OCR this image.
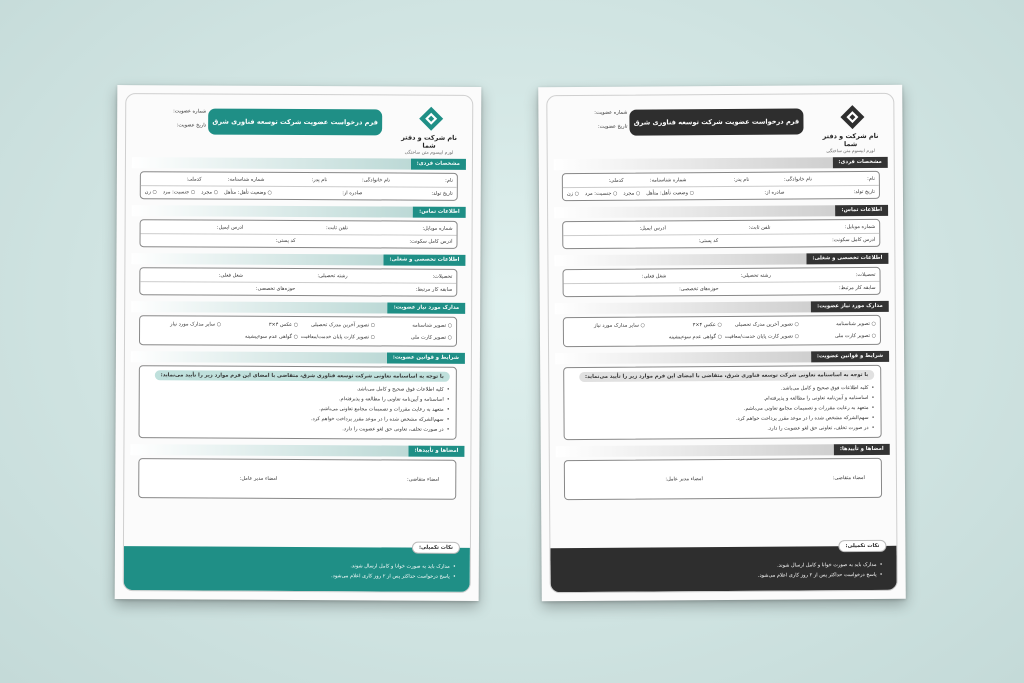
نام شرکت و دفتر شما
لورم ایپسوم متن ساختگی
فرم درخواست عضویت شرکت توسعه فناوری شرق
شماره عضویت:
تاریخ عضویت:
مشخصات فردی:
نام:
نام خانوادگی:
نام پدر:
شماره شناسنامه:
کدملی:
تاریخ تولد:
صادره از:
○ وضعیت تأهل: متأهل
○ مجرد
○ جنسیت: مرد
○ زن
اطلاعات تماس:
شماره موبایل:
تلفن ثابت:
آدرس ایمیل:
آدرس کامل سکونت:
کد پستی:
اطلاعات تخصصی و شغلی:
تحصیلات:
رشته تحصیلی:
شغل فعلی:
سابقه کار مرتبط:
حوزه‌های تخصصی:
مدارک مورد نیاز عضویت:
○ تصویر شناسنامه
○ تصویر آخرین مدرک تحصیلی
○ عکس ۴×۳
○ سایر مدارک مورد نیاز
○ تصویر کارت ملی
○ تصویر کارت پایان خدمت/معافیت
○ گواهی عدم سوءپیشینه
شرایط و قوانین عضویت:
با توجه به اساسنامه تعاونی شرکت توسعه فناوری شرق، متقاضی با امضای این فرم موارد زیر را تأیید می‌نماید:
• کلیه اطلاعات فوق صحیح و کامل می‌باشد.
• اساسنامه و آیین‌نامه تعاونی را مطالعه و پذیرفته‌ام.
• متعهد به رعایت مقررات و تصمیمات مجامع تعاونی می‌باشم.
• سهم‌الشرکه مشخص شده را در موعد مقرر پرداخت خواهم کرد.
• در صورت تخلف، تعاونی حق لغو عضویت را دارد.
امضاها و تأییدها:
امضاء متقاضی:
امضاء مدیر عامل:
نکات تکمیلی:
• مدارک باید به صورت خوانا و کامل ارسال شوند.
• پاسخ درخواست حداکثر پس از ۲ روز کاری اعلام می‌شود.
نام شرکت و دفتر شما
لورم ایپسوم متن ساختگی
فرم درخواست عضویت شرکت توسعه فناوری شرق
شماره عضویت:
تاریخ عضویت:
مشخصات فردی:
نام:
نام خانوادگی:
نام پدر:
شماره شناسنامه:
کدملی:
تاریخ تولد:
صادره از:
○ وضعیت تأهل: متأهل
○ مجرد
○ جنسیت: مرد
○ زن
اطلاعات تماس:
شماره موبایل:
تلفن ثابت:
آدرس ایمیل:
آدرس کامل سکونت:
کد پستی:
اطلاعات تخصصی و شغلی:
تحصیلات:
رشته تحصیلی:
شغل فعلی:
سابقه کار مرتبط:
حوزه‌های تخصصی:
مدارک مورد نیاز عضویت:
○ تصویر شناسنامه
○ تصویر آخرین مدرک تحصیلی
○ عکس ۴×۳
○ سایر مدارک مورد نیاز
○ تصویر کارت ملی
○ تصویر کارت پایان خدمت/معافیت
○ گواهی عدم سوءپیشینه
شرایط و قوانین عضویت:
با توجه به اساسنامه تعاونی شرکت توسعه فناوری شرق، متقاضی با امضای این فرم موارد زیر را تأیید می‌نماید:
• کلیه اطلاعات فوق صحیح و کامل می‌باشد.
• اساسنامه و آیین‌نامه تعاونی را مطالعه و پذیرفته‌ام.
• متعهد به رعایت مقررات و تصمیمات مجامع تعاونی می‌باشم.
• سهم‌الشرکه مشخص شده را در موعد مقرر پرداخت خواهم کرد.
• در صورت تخلف، تعاونی حق لغو عضویت را دارد.
امضاها و تأییدها:
امضاء متقاضی:
امضاء مدیر عامل:
نکات تکمیلی:
• مدارک باید به صورت خوانا و کامل ارسال شوند.
• پاسخ درخواست حداکثر پس از ۲ روز کاری اعلام می‌شود.
